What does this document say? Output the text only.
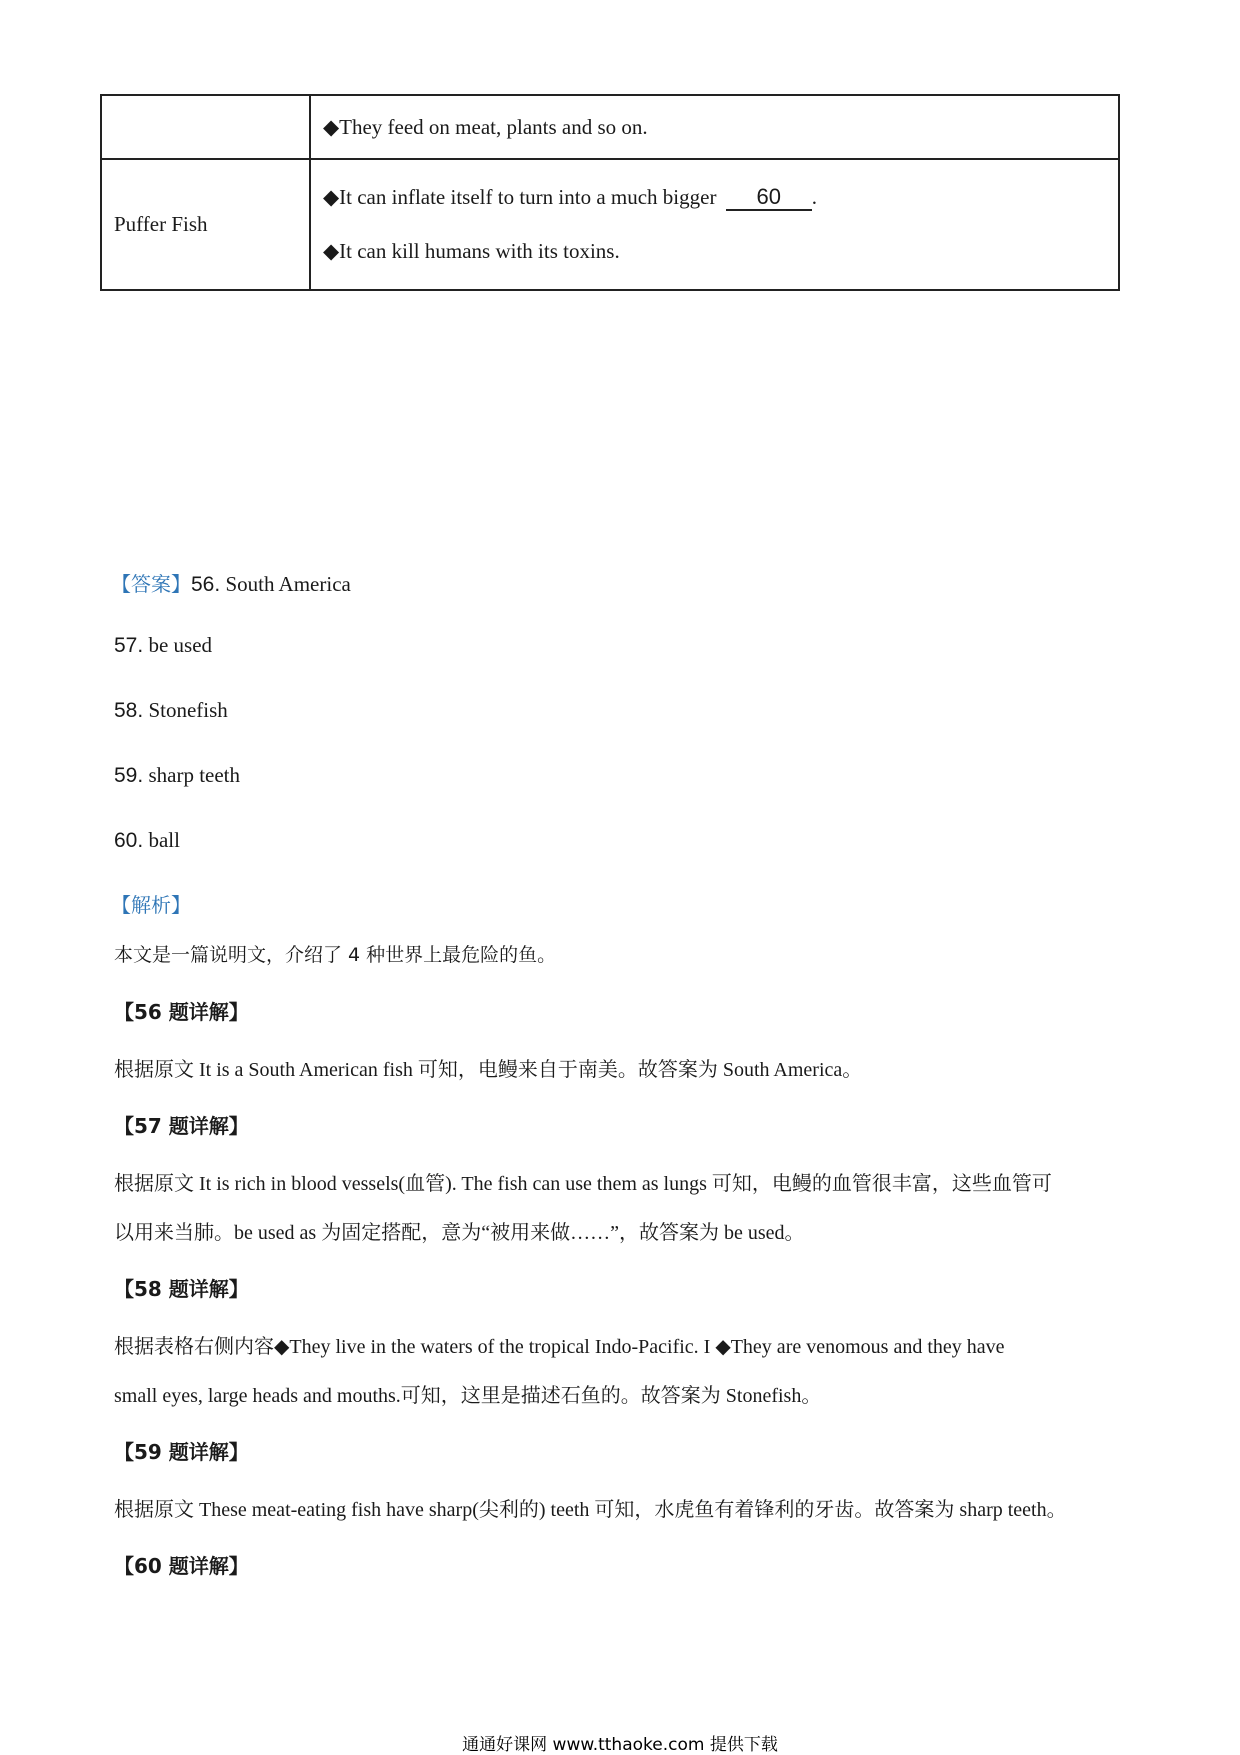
	◆They feed on meat, plants and so on.
Puffer Fish	◆It can inflate itself to turn into a much bigger 60 .
◆It can kill humans with its toxins.
【答案】56. South America
57. be used
58. Stonefish
59. sharp teeth
60. ball
【解析】
本文是一篇说明文，介绍了 4 种世界上最危险的鱼。
【56 题详解】
根据原文 It is a South American fish 可知，电鳗来自于南美。故答案为 South America。
【57 题详解】
根据原文 It is rich in blood vessels(血管). The fish can use them as lungs 可知，电鳗的血管很丰富，这些血管可
以用来当肺。be used as 为固定搭配，意为“被用来做……”，故答案为 be used。
【58 题详解】
根据表格右侧内容◆They live in the waters of the tropical Indo-Pacific. I ◆They are venomous and they have
small eyes, large heads and mouths.可知，这里是描述石鱼的。故答案为 Stonefish。
【59 题详解】
根据原文 These meat-eating fish have sharp(尖利的) teeth 可知，水虎鱼有着锋利的牙齿。故答案为 sharp teeth。
【60 题详解】
通通好课网 www.tthaoke.com 提供下载
